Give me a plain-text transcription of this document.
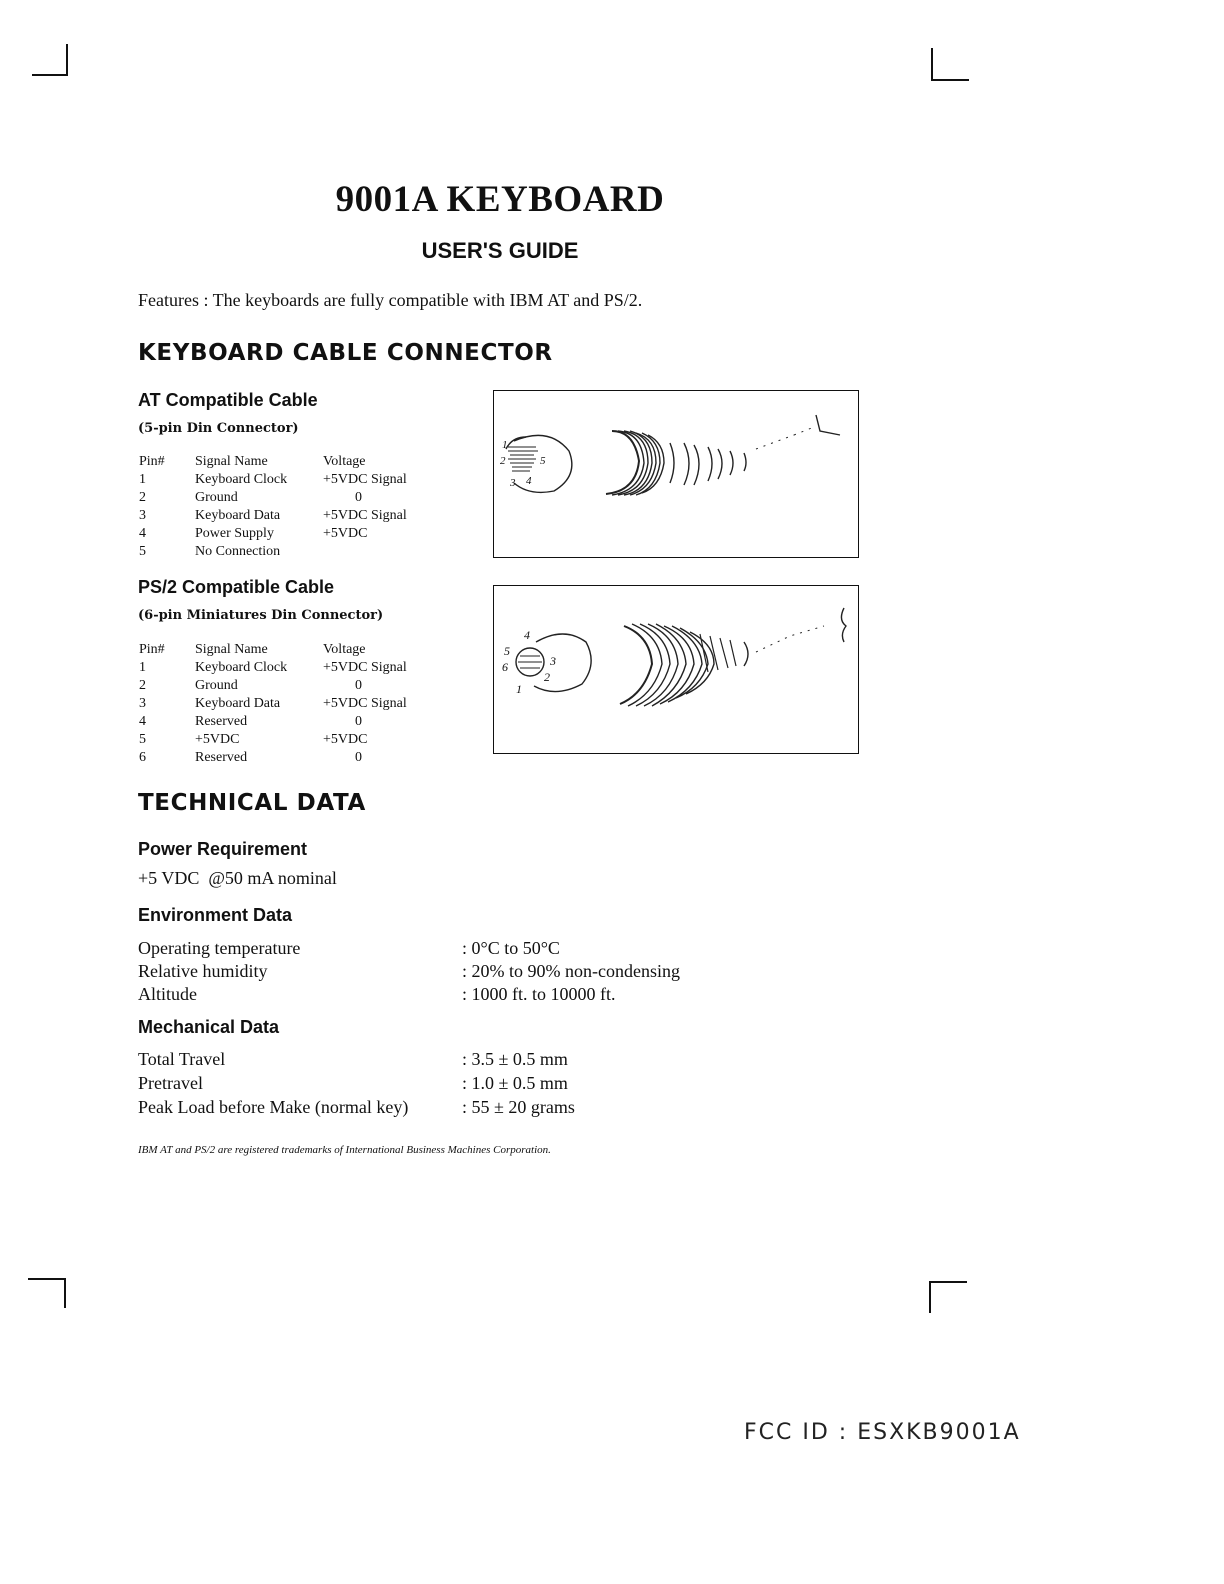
9001A KEYBOARD
USER'S GUIDE
Features : The keyboards are fully compatible with IBM AT and PS/2.
KEYBOARD CABLE CONNECTOR
AT Compatible Cable
(5-pin Din Connector)
Pin#	Signal Name	Voltage
1	Keyboard Clock	+5VDC Signal
2	Ground	0
3	Keyboard Data	+5VDC Signal
4	Power Supply	+5VDC
5	No Connection	
1
2
3 4
5
PS/2 Compatible Cable
(6-pin Miniatures Din Connector)
Pin#	Signal Name	Voltage
1	Keyboard Clock	+5VDC Signal
2	Ground	0
3	Keyboard Data	+5VDC Signal
4	Reserved	0
5	+5VDC	+5VDC
6	Reserved	0
1
2
3
4
5
6
TECHNICAL DATA
Power Requirement
+5 VDC  @50 mA nominal
Environment Data
Operating temperature	: 0°C to 50°C
Relative humidity	: 20% to 90% non-condensing
Altitude	: 1000 ft. to 10000 ft.
Mechanical Data
Total Travel	: 3.5 ± 0.5 mm
Pretravel	: 1.0 ± 0.5 mm
Peak Load before Make (normal key)	: 55 ± 20 grams
IBM AT and PS/2 are registered trademarks of International Business Machines Corporation.
FCC ID : ESXKB9001A
